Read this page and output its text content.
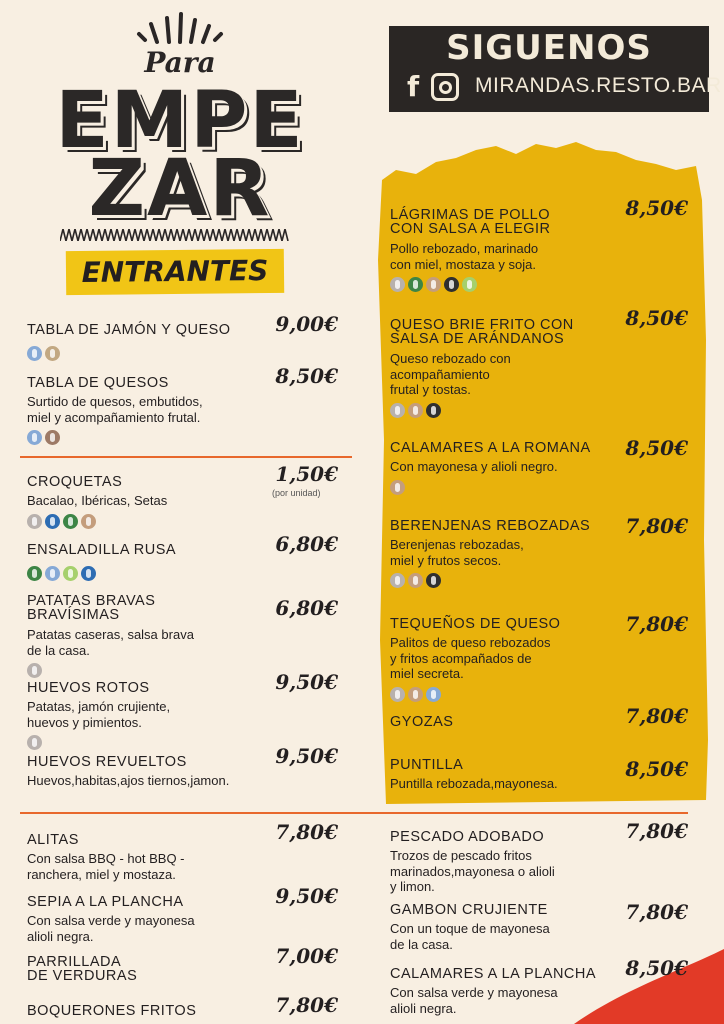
Para
EMPE
ZAR
ENTRANTES
SIGUENOS
f	MIRANDAS.RESTO.BAR
TABLA DE JAMÓN Y QUESO	9,00€
TABLA DE QUESOS
Surtido de quesos, embutidos,
miel y acompañamiento frutal.
8,50€
CROQUETAS
Bacalao, Ibéricas, Setas
1,50€
(por unidad)
ENSALADILLA RUSA	6,80€
PATATAS BRAVAS
BRAVÍSIMAS
Patatas caseras, salsa brava
de la casa.
6,80€
HUEVOS ROTOS
Patatas, jamón crujiente,
huevos y pimientos.
9,50€
HUEVOS REVUELTOS
Huevos,habitas,ajos tiernos,jamon.
9,50€
LÁGRIMAS DE POLLO
CON SALSA A ELEGIR
Pollo rebozado, marinado
con miel, mostaza y soja.
8,50€
QUESO BRIE FRITO CON
SALSA DE ARÁNDANOS
Queso rebozado con
acompañamiento
frutal y tostas.
8,50€
CALAMARES A LA ROMANA
Con mayonesa y alioli negro.
8,50€
BERENJENAS REBOZADAS
Berenjenas rebozadas,
miel y frutos secos.
7,80€
TEQUEÑOS DE QUESO
Palitos de queso rebozados
y fritos acompañados de
miel secreta.
7,80€
GYOZAS	7,80€
PUNTILLA
Puntilla rebozada,mayonesa.
8,50€
ALITAS
Con salsa BBQ - hot BBQ -
ranchera, miel y mostaza.
7,80€
SEPIA A LA PLANCHA
Con salsa verde y mayonesa
alioli negra.
9,50€
PARRILLADA
DE VERDURAS
7,00€
BOQUERONES FRITOS	7,80€
PESCADO ADOBADO
Trozos de pescado fritos
marinados,mayonesa o alioli
y limon.
7,80€
GAMBON CRUJIENTE
Con un toque de mayonesa
de la casa.
7,80€
CALAMARES A LA PLANCHA
Con salsa verde y mayonesa
alioli negra.
8,50€
